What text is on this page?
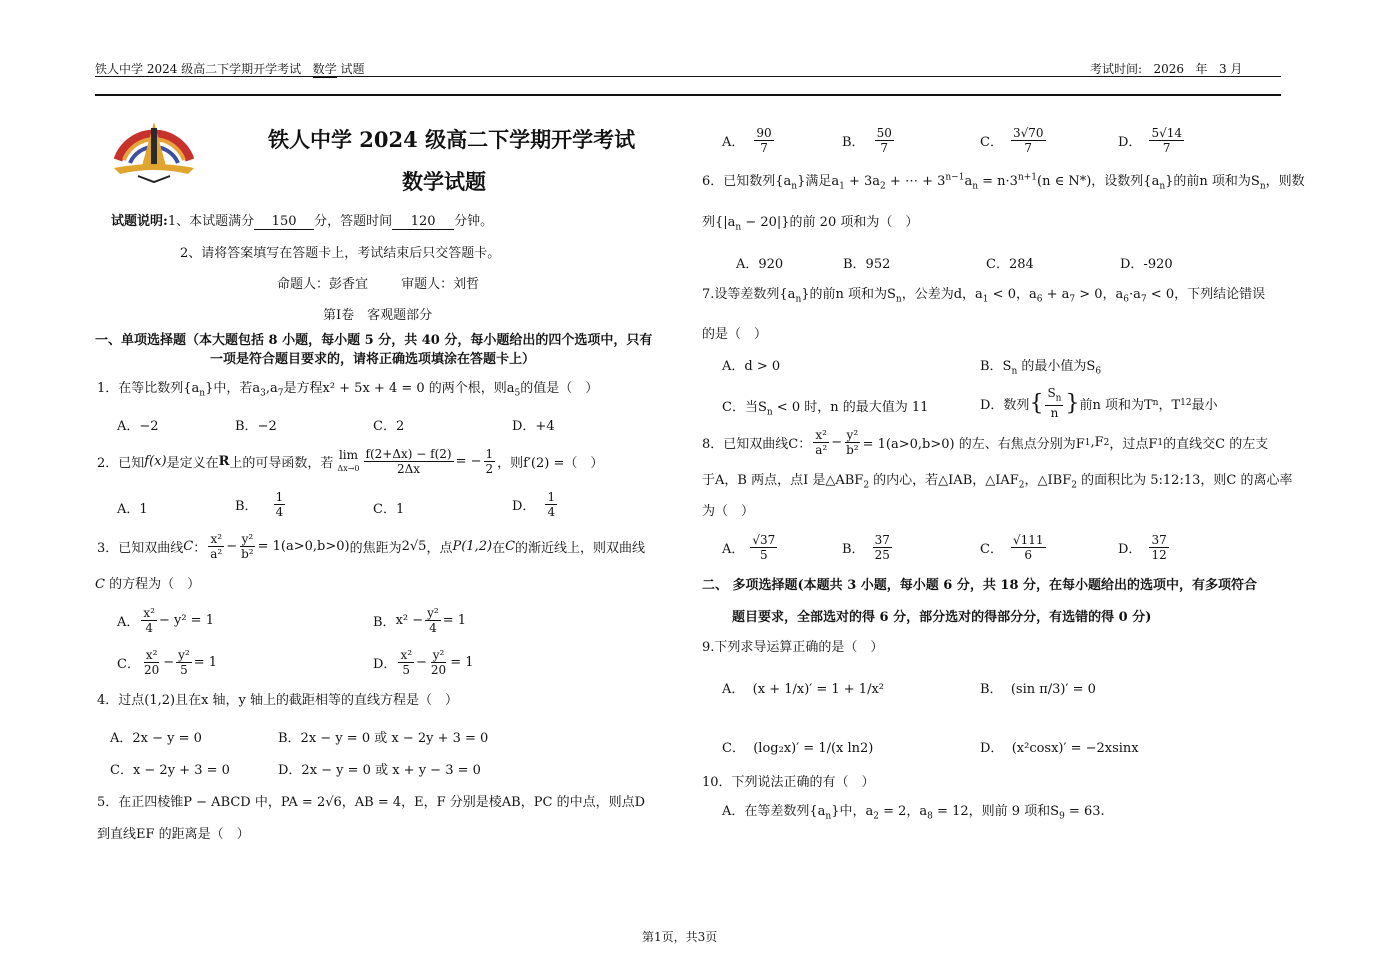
铁人中学 2024 级高二下学期开学考试 数学 试题	考试时间: 2026 年 3 月
铁人中学 2024 级高二下学期开学考试
数学试题
试题说明:1、本试题满分 150 分，答题时间 120 分钟。
2、请将答案填写在答题卡上，考试结束后只交答题卡。
命题人：彭香宜	审题人：刘哲
第Ⅰ卷　客观题部分
一、单项选择题（本大题包括 8 小题，每小题 5 分，共 40 分，每小题给出的四个选项中，只有
一项是符合题目要求的，请将正确选项填涂在答题卡上）
1．在等比数列$\{a_n\}$中，若$a_3,a_7$是方程x² + 5x + 4 = 0 的两个根，则$a_5$的值是（　）
A．−2	B．−2	C．2	D．+4
2．已知 f(x) 是定义在 R 上的可导函数，若
lim
$\Delta x\to 0 \frac{f(2+\Delta x) - f(2)}{2\Delta x}$ = − $\frac{1}{2}$ ，则 f′(2) =（　）
A．1	B． $\frac{1}{4}$	C．1	D． $\frac{1}{4}$
3．已知双曲线 C ： $\frac{\text{x²}}{\text{a²}} - \frac{\text{y²}}{\text{b²}} = 1$ (a>0,b>0) 的焦距为 2√5 ，点 P(1,2) 在 C 的渐近线上，则双曲线
C 的方程为（　）
A． $\frac{\text{x²}}{4} - y^2 = 1$	B． $x^2 - \frac{\text{y²}}{4} = 1$
C． $\frac{\text{x²}}{20} - \frac{\text{y²}}{5} = 1$	D． $\frac{\text{x²}}{5} - \frac{\text{y²}}{20} = 1$
4．过点(1,2)且在x 轴，y 轴上的截距相等的直线方程是（　）
A．2x − y = 0	B．2x − y = 0 或 x − 2y + 3 = 0
C．x − 2y + 3 = 0	D．2x − y = 0 或 x + y − 3 = 0
5．在正四棱锥P − ABCD 中，PA = 2√6，AB = 4，E，F 分别是棱AB，PC 的中点，则点D
到直线EF 的距离是（　）
A． $\frac{90}{7}$	B． $\frac{50}{7}$	C． $\frac{3√70}{7}$	D． $\frac{5√14}{7}$
6．已知数列$\{a_n\}$满足$a_1 + 3a_2$ + ⋯ + $3^{n-1}a_n = n\cdot 3^{n+1}(n$ ∈ N*)，设数列$\{a_n\}$的前n 项和为$S_n$，则数
列$\{|a_n - 20|\}$的前 20 项和为（　）
A．920	B．952	C．284	D．-920
7.设等差数列$\{a_n\}$的前n 项和为$S_n$，公差为d，$a_1 < 0$，$a_6 + a_7 > 0$，$a_6\cdot a_7 < 0$，下列结论错误
的是（　）
A．d > 0	B．$S_n$ 的最小值为$S_6$
C．当$S_n < 0$ 时，n 的最大值为 11	D．数列 { $\frac{S_n}{n}$ } 前n 项和为T n ，T 12 最小
8．已知双曲线C： $\frac{\text{x²}}{\text{a²}} - \frac{\text{y²}}{\text{b²}} = 1(a>0,b>0)$ 的左、右焦点分别为F 1 ,F 2 ，过点F 1 的直线交C 的左支
于A，B 两点，点I 是$\triangle ABF_2$ 的内心，若△IAB，$\triangle IAF_2$，$\triangle IBF_2$ 的面积比为 5:12:13，则C 的离心率
为（　）
A． $\frac{√37}{5}$	B． $\frac{37}{25}$	C． $\frac{√111}{6}$	D． $\frac{37}{12}$
二、 多项选择题(本题共 3 小题，每小题 6 分，共 18 分，在每小题给出的选项中，有多项符合
题目要求，全部选对的得 6 分，部分选对的得部分分，有选错的得 0 分)
9.下列求导运算正确的是（　）
A． (x + 1/x)′ = 1 + 1/x²	B． (sin π/3)′ = 0
C． (log₂x)′ = 1/(x ln2)	D． (x²cosx)′ = −2xsinx
10．下列说法正确的有（　）
A．在等差数列$\{a_n\}$中，$a_2 = 2$，$a_8 = 12$，则前 9 项和$S_9 = 63$.
第1页，共3页
